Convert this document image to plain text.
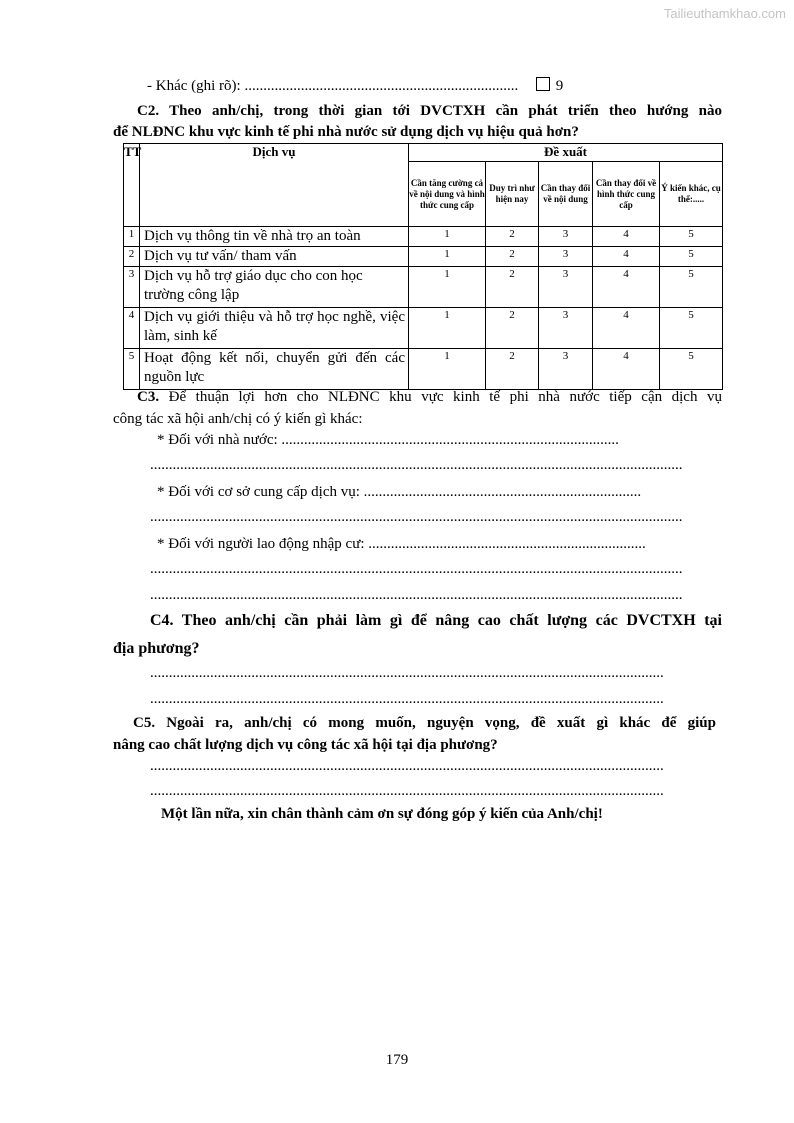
Tailieuthamkhao.com
- Khác (ghi rõ): .........................................................................	9
C2. Theo anh/chị, trong thời gian tới DVCTXH cần phát triển theo hướng nào
để NLĐNC khu vực kinh tế phi nhà nước sử dụng dịch vụ hiệu quả hơn?
TT	Dịch vụ	Đề xuất				
		Cần tăng cường cả về nội dung và hình thức cung cấp	Duy trì như hiện nay	Cần thay đổi về nội dung	Cần thay đổi về hình thức cung cấp	Ý kiến khác, cụ thể:.....
1	Dịch vụ thông tin về nhà trọ an toàn	1	2	3	4	5
2	Dịch vụ tư vấn/ tham vấn	1	2	3	4	5
3	Dịch vụ hỗ trợ giáo dục cho con học trường công lập	1	2	3	4	5
4	Dịch vụ giới thiệu và hỗ trợ học nghề, việc làm, sinh kế	1	2	3	4	5
5	Hoạt động kết nối, chuyển gửi đến các nguồn lực	1	2	3	4	5
C3. Để thuận lợi hơn cho NLĐNC khu vực kinh tế phi nhà nước tiếp cận dịch vụ
công tác xã hội anh/chị có ý kiến gì khác:
* Đối với nhà nước: ..........................................................................................
..............................................................................................................................................
* Đối với cơ sở cung cấp dịch vụ: ..........................................................................
..............................................................................................................................................
* Đối với người lao động nhập cư: ..........................................................................
..............................................................................................................................................
..............................................................................................................................................
C4. Theo anh/chị cần phải làm gì để nâng cao chất lượng các DVCTXH tại
địa phương?
.........................................................................................................................................
.........................................................................................................................................
C5. Ngoài ra, anh/chị có mong muốn, nguyện vọng, đề xuất gì khác để giúp
nâng cao chất lượng dịch vụ công tác xã hội tại địa phương?
.........................................................................................................................................
.........................................................................................................................................
Một lần nữa, xin chân thành cảm ơn sự đóng góp ý kiến của Anh/chị!
179
